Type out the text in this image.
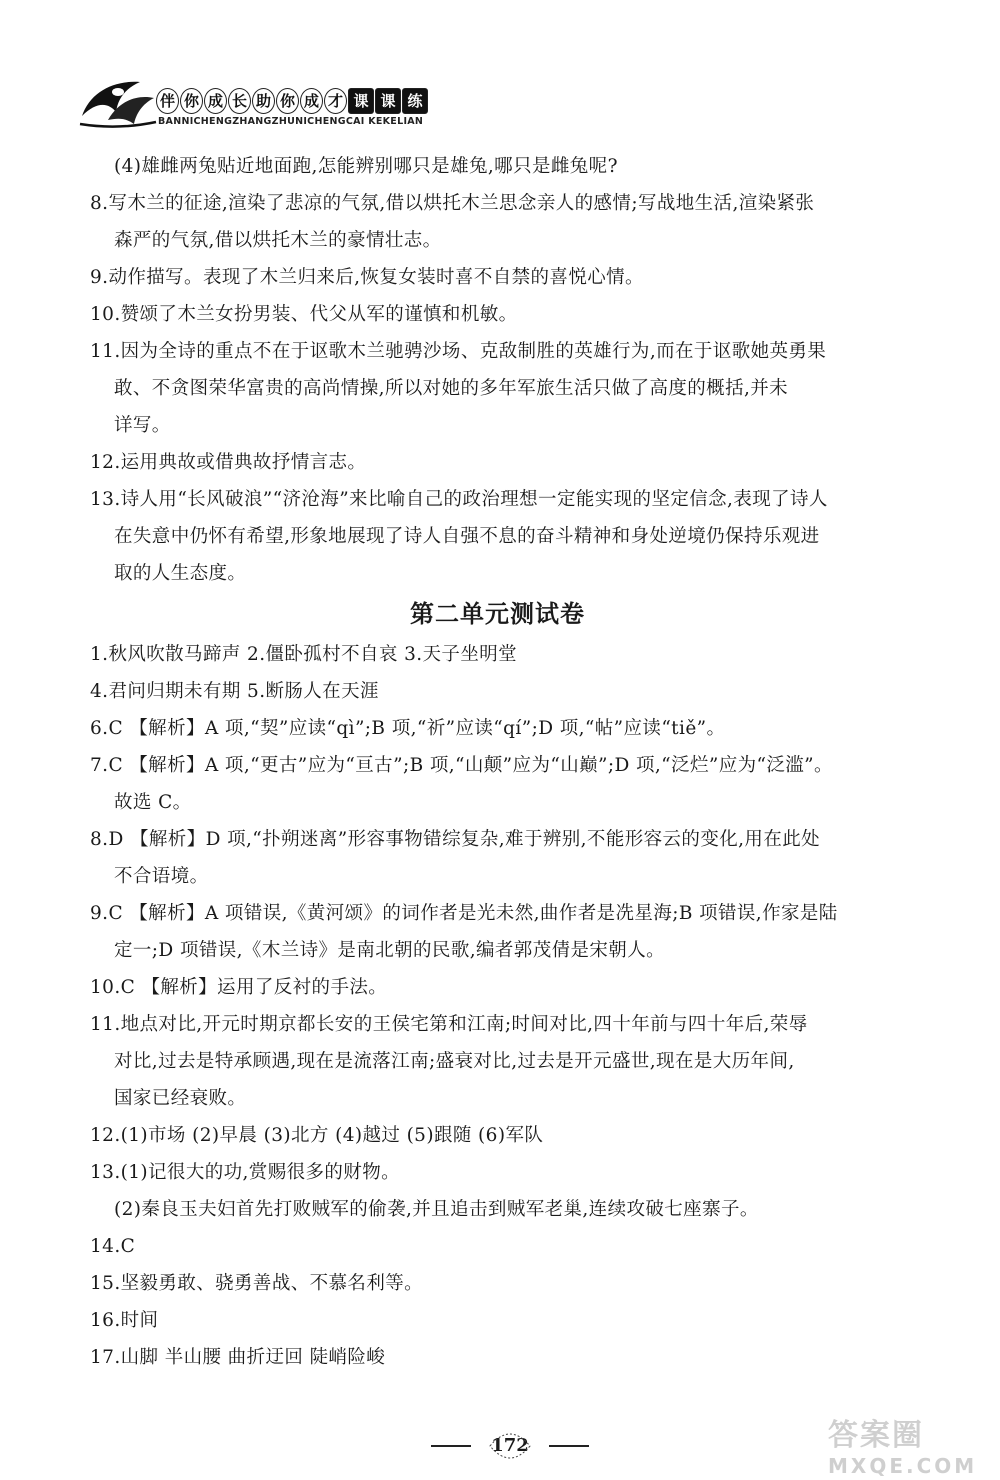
伴 你 成 长 助 你 成 才 课 课 练
BANNICHENGZHANGZHUNICHENGCAI KEKELIAN
(4)雄雌两兔贴近地面跑,怎能辨别哪只是雄兔,哪只是雌兔呢?
8.写木兰的征途,渲染了悲凉的气氛,借以烘托木兰思念亲人的感情;写战地生活,渲染紧张
森严的气氛,借以烘托木兰的豪情壮志。
9.动作描写。表现了木兰归来后,恢复女装时喜不自禁的喜悦心情。
10.赞颂了木兰女扮男装、代父从军的谨慎和机敏。
11.因为全诗的重点不在于讴歌木兰驰骋沙场、克敌制胜的英雄行为,而在于讴歌她英勇果
敢、不贪图荣华富贵的高尚情操,所以对她的多年军旅生活只做了高度的概括,并未
详写。
12.运用典故或借典故抒情言志。
13.诗人用“长风破浪”“济沧海”来比喻自己的政治理想一定能实现的坚定信念,表现了诗人
在失意中仍怀有希望,形象地展现了诗人自强不息的奋斗精神和身处逆境仍保持乐观进
取的人生态度。
第二单元测试卷
1.秋风吹散马蹄声 2.僵卧孤村不自哀 3.天子坐明堂
4.君问归期未有期 5.断肠人在天涯
6.C 【解析】A 项,“契”应读“qì”;B 项,“祈”应读“qí”;D 项,“帖”应读“tiě”。
7.C 【解析】A 项,“更古”应为“亘古”;B 项,“山颠”应为“山巅”;D 项,“泛烂”应为“泛滥”。
故选 C。
8.D 【解析】D 项,“扑朔迷离”形容事物错综复杂,难于辨别,不能形容云的变化,用在此处
不合语境。
9.C 【解析】A 项错误,《黄河颂》的词作者是光未然,曲作者是冼星海;B 项错误,作家是陆
定一;D 项错误,《木兰诗》是南北朝的民歌,编者郭茂倩是宋朝人。
10.C 【解析】运用了反衬的手法。
11.地点对比,开元时期京都长安的王侯宅第和江南;时间对比,四十年前与四十年后,荣辱
对比,过去是特承顾遇,现在是流落江南;盛衰对比,过去是开元盛世,现在是大历年间,
国家已经衰败。
12.(1)市场 (2)早晨 (3)北方 (4)越过 (5)跟随 (6)军队
13.(1)记很大的功,赏赐很多的财物。
(2)秦良玉夫妇首先打败贼军的偷袭,并且追击到贼军老巢,连续攻破七座寨子。
14.C
15.坚毅勇敢、骁勇善战、不慕名利等。
16.时间
17.山脚 半山腰 曲折迂回 陡峭险峻
172	答案圈
MXQE.COM
